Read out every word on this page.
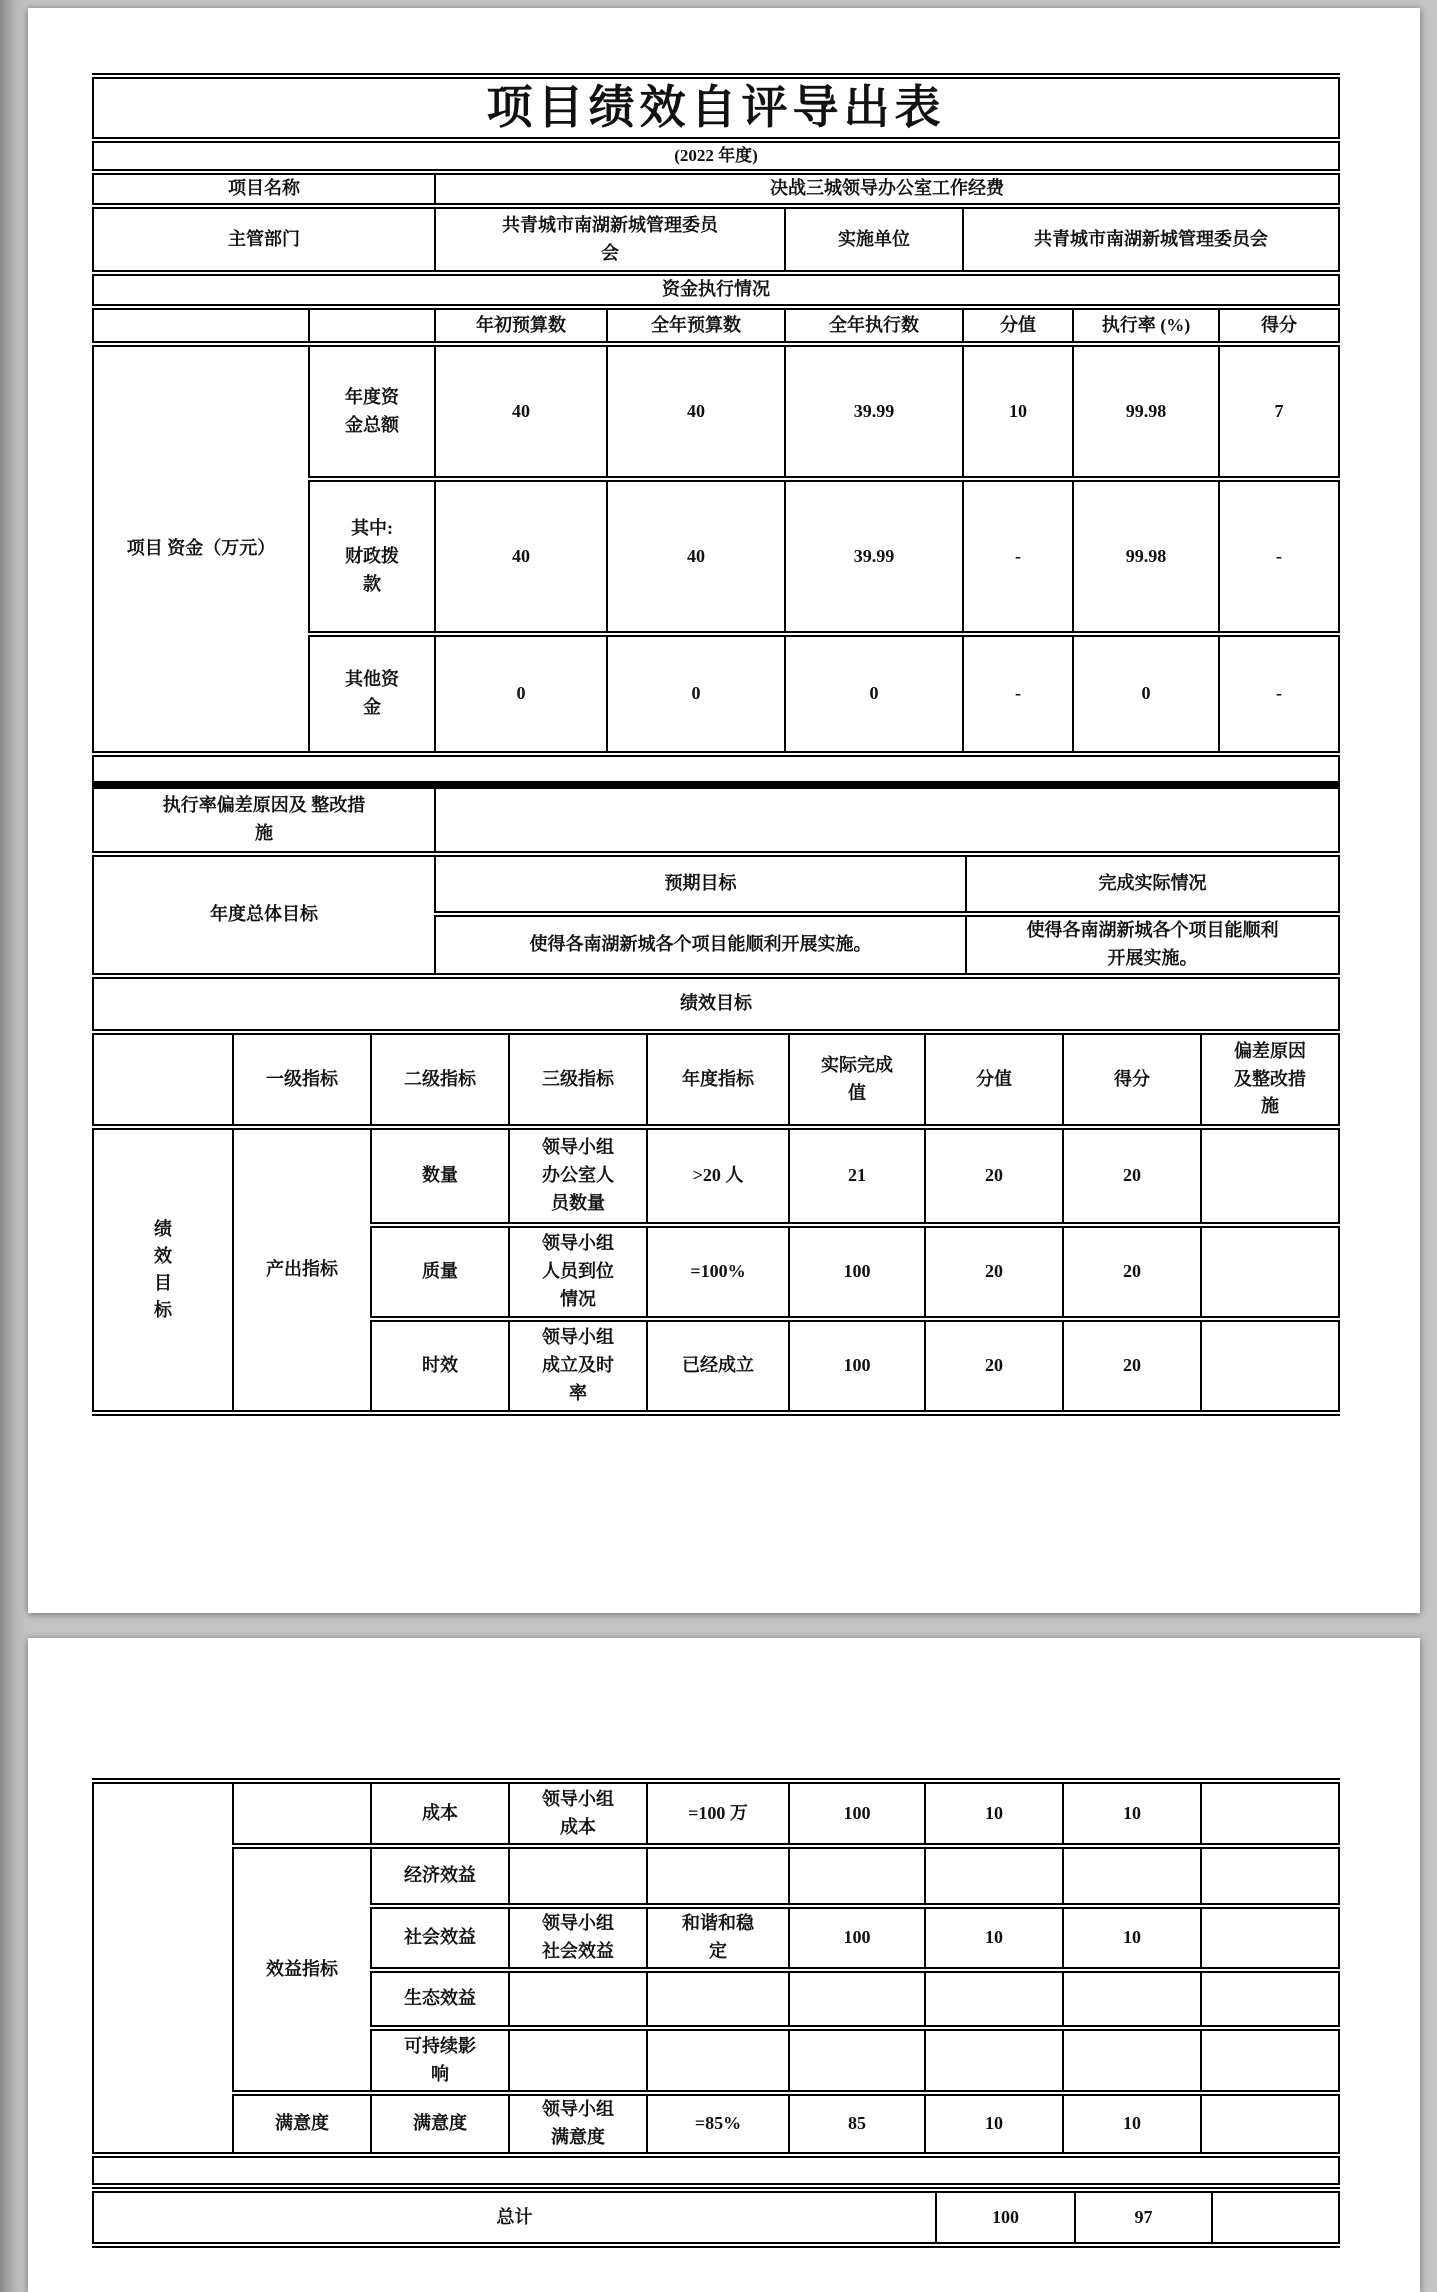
项目绩效自评导出表							
(2022 年度)							
项目名称		决战三城领导办公室工作经费					
主管部门		共青城市南湖新城管理委员会		实施单位	共青城市南湖新城管理委员会		
资金执行情况							
		年初预算数	全年预算数	全年执行数	分值	执行率 (%)	得分
项目 资金（万元）	年度资金总额	40	40	39.99	10	99.98	7
	其中: 财政拨款	40	40	39.99	-	99.98	-
	其他资金	0	0	0	-	0	-

执行率偏差原因及 整改措施		
年度总体目标	预期目标	完成实际情况
	使得各南湖新城各个项目能顺利开展实施。	使得各南湖新城各个项目能顺利开展实施。
绩效目标								
	一级指标	二级指标	三级指标	年度指标	实际完成值	分值	得分	偏差原因及整改措施
绩效目标	产出指标	数量	领导小组办公室人员数量	>20 人	21	20	20	
		质量	领导小组人员到位情况	=100%	100	20	20	
		时效	领导小组成立及时率	已经成立	100	20	20	
		成本	领导小组成本	=100 万	100	10	10	
	效益指标	经济效益						
		社会效益	领导小组社会效益	和谐和稳定	100	10	10	
		生态效益						
		可持续影响						
	满意度	满意度	领导小组满意度	=85%	85	10	10	

总计	100	97	
